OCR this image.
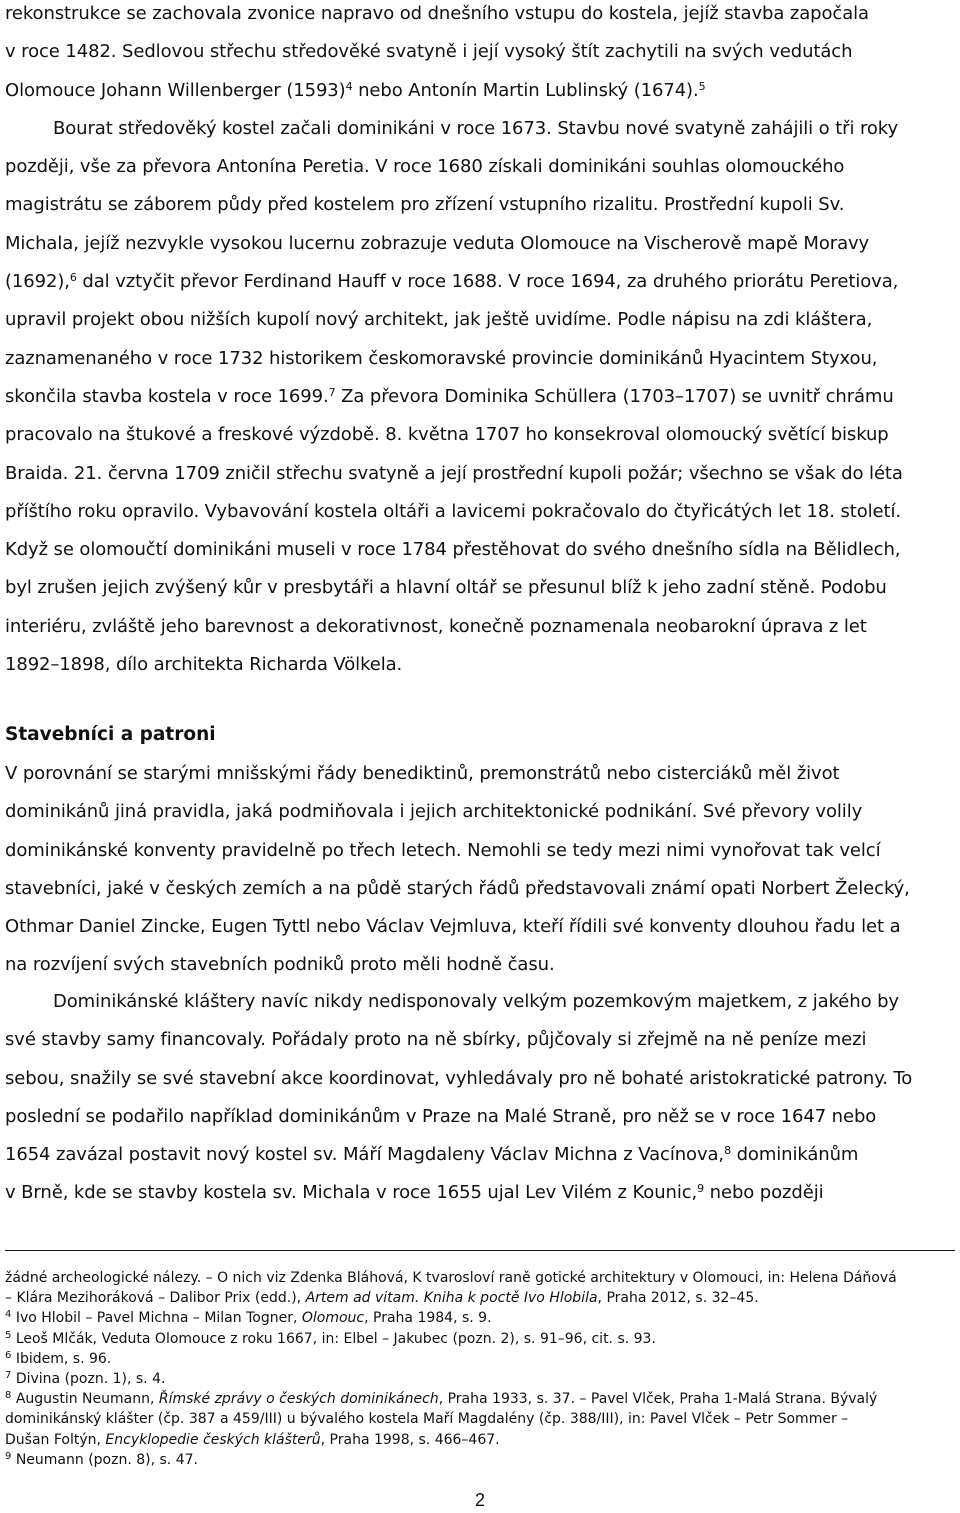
rekonstrukce se zachovala zvonice napravo od dnešního vstupu do kostela, jejíž stavba započala
v roce 1482. Sedlovou střechu středověké svatyně i její vysoký štít zachytili na svých vedutách
Olomouce Johann Willenberger (1593)$^4$ nebo Antonín Martin Lublinský (1674).$^5$
Bourat středověký kostel začali dominikáni v roce 1673. Stavbu nové svatyně zahájili o tři roky
později, vše za převora Antonína Peretia. V roce 1680 získali dominikáni souhlas olomouckého
magistrátu se záborem půdy před kostelem pro zřízení vstupního rizalitu. Prostřední kupoli Sv.
Michala, jejíž nezvykle vysokou lucernu zobrazuje veduta Olomouce na Vischerově mapě Moravy
(1692),$^6$ dal vztyčit převor Ferdinand Hauff v roce 1688. V roce 1694, za druhého priorátu Peretiova,
upravil projekt obou nižších kupolí nový architekt, jak ještě uvidíme. Podle nápisu na zdi kláštera,
zaznamenaného v roce 1732 historikem českomoravské provincie dominikánů Hyacintem Styxou,
skončila stavba kostela v roce 1699.$^7$ Za převora Dominika Schüllera (1703–1707) se uvnitř chrámu
pracovalo na štukové a freskové výzdobě. 8. května 1707 ho konsekroval olomoucký světící biskup
Braida. 21. června 1709 zničil střechu svatyně a její prostřední kupoli požár; všechno se však do léta
příštího roku opravilo. Vybavování kostela oltáři a lavicemi pokračovalo do čtyřicátých let 18. století.
Když se olomoučtí dominikáni museli v roce 1784 přestěhovat do svého dnešního sídla na Bělidlech,
byl zrušen jejich zvýšený kůr v presbytáři a hlavní oltář se přesunul blíž k jeho zadní stěně. Podobu
interiéru, zvláště jeho barevnost a dekorativnost, konečně poznamenala neobarokní úprava z let
1892–1898, dílo architekta Richarda Völkela.
Stavebníci a patroni
V porovnání se starými mnišskými řády benediktinů, premonstrátů nebo cisterciáků měl život
dominikánů jiná pravidla, jaká podmiňovala i jejich architektonické podnikání. Své převory volily
dominikánské konventy pravidelně po třech letech. Nemohli se tedy mezi nimi vynořovat tak velcí
stavebníci, jaké v českých zemích a na půdě starých řádů představovali známí opati Norbert Želecký,
Othmar Daniel Zincke, Eugen Tyttl nebo Václav Vejmluva, kteří řídili své konventy dlouhou řadu let a
na rozvíjení svých stavebních podniků proto měli hodně času.
Dominikánské kláštery navíc nikdy nedisponovaly velkým pozemkovým majetkem, z jakého by
své stavby samy financovaly. Pořádaly proto na ně sbírky, půjčovaly si zřejmě na ně peníze mezi
sebou, snažily se své stavební akce koordinovat, vyhledávaly pro ně bohaté aristokratické patrony. To
poslední se podařilo například dominikánům v Praze na Malé Straně, pro něž se v roce 1647 nebo
1654 zavázal postavit nový kostel sv. Máří Magdaleny Václav Michna z Vacínova,$^8$ dominikánům
v Brně, kde se stavby kostela sv. Michala v roce 1655 ujal Lev Vilém z Kounic,$^9$ nebo později
žádné archeologické nálezy. – O nich viz Zdenka Bláhová, K tvarosloví raně gotické architektury v Olomouci, in: Helena Dáňová
– Klára Mezihoráková – Dalibor Prix (edd.), Artem ad vitam. Kniha k poctě Ivo Hlobila, Praha 2012, s. 32–45.
$^4$ Ivo Hlobil – Pavel Michna – Milan Togner, Olomouc, Praha 1984, s. 9.
$^5$ Leoš Mlčák, Veduta Olomouce z roku 1667, in: Elbel – Jakubec (pozn. 2), s. 91–96, cit. s. 93.
$^6$ Ibidem, s. 96.
$^7$ Divina (pozn. 1), s. 4.
$^8$ Augustin Neumann, Římské zprávy o českých dominikánech, Praha 1933, s. 37. – Pavel Vlček, Praha 1-Malá Strana. Bývalý
dominikánský klášter (čp. 387 a 459/III) u bývalého kostela Maří Magdalény (čp. 388/III), in: Pavel Vlček – Petr Sommer –
Dušan Foltýn, Encyklopedie českých klášterů, Praha 1998, s. 466–467.
$^9$ Neumann (pozn. 8), s. 47.
2
